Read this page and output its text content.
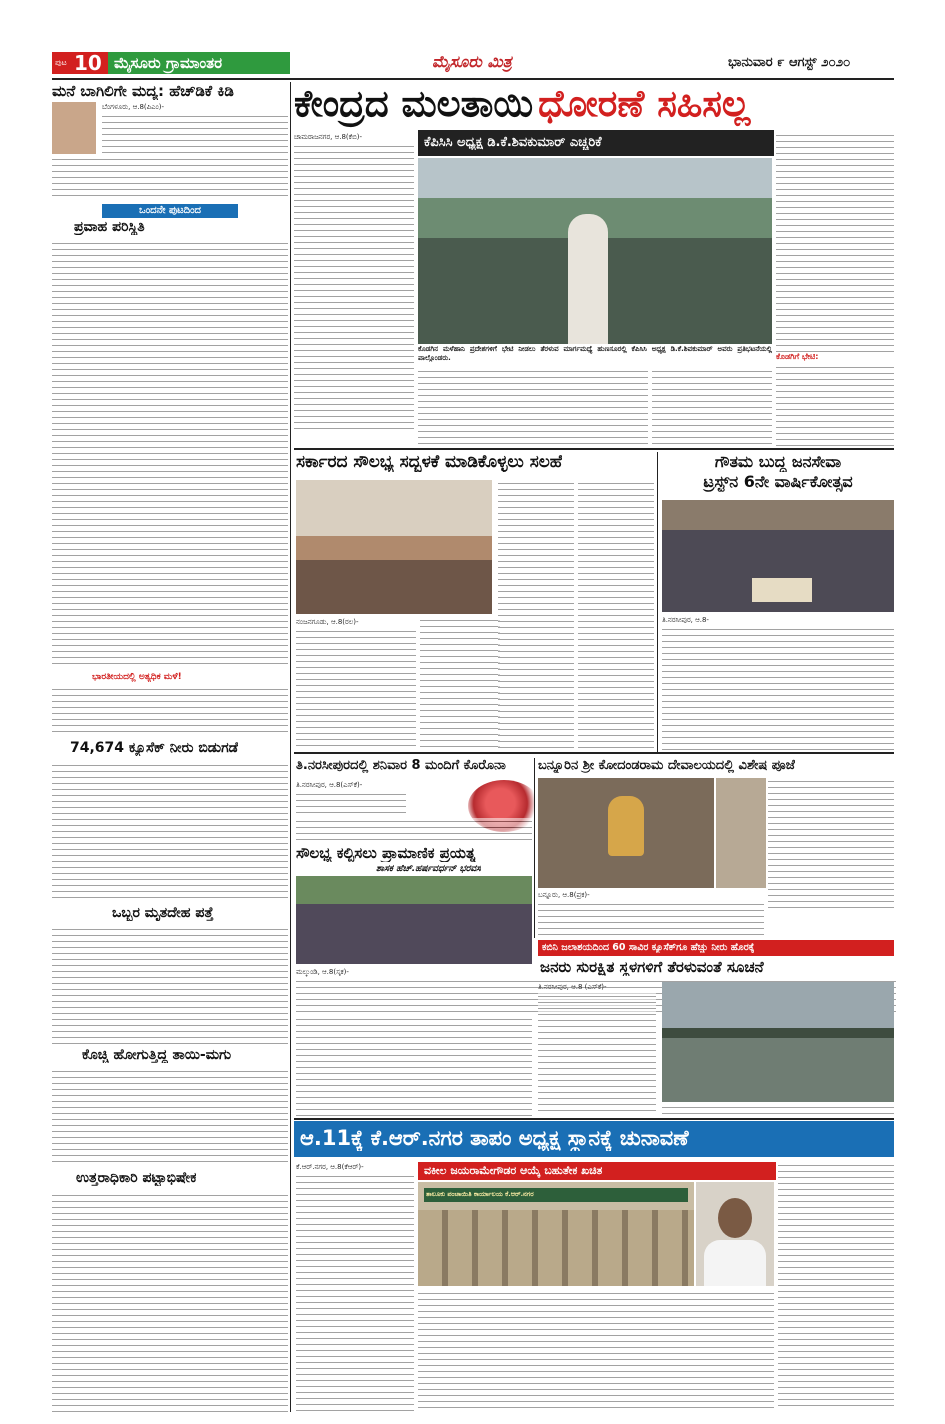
ಪುಟ 10 ಮೈಸೂರು ಗ್ರಾಮಾಂತರ	ಮೈಸೂರು ಮಿತ್ರ	ಭಾನುವಾರ ೯ ಆಗಸ್ಟ್ ೨೦೨೦
ಮನೆ ಬಾಗಿಲಿಗೇ ಮದ್ಯ: ಹೆಚ್‌ಡಿಕೆ ಕಿಡಿ
ಬೆಂಗಳೂರು, ಆ.8(ಪಿಎಂ)-
ಒಂದನೇ ಪುಟದಿಂದ
ಪ್ರವಾಹ ಪರಿಸ್ಥಿತಿ
ಭಾರತೀಯದಲ್ಲಿ ಅತ್ಯಧಿಕ ಮಳೆ!
74,674 ಕ್ಯೂಸೆಕ್ ನೀರು ಬಿಡುಗಡೆ
ಒಬ್ಬರ ಮೃತದೇಹ ಪತ್ತೆ
ಕೊಚ್ಚಿ ಹೋಗುತ್ತಿದ್ದ ತಾಯಿ-ಮಗು
ಉತ್ತರಾಧಿಕಾರಿ ಪಟ್ಟಾಭಿಷೇಕ
ಕೇಂದ್ರದ ಮಲತಾಯಿ ಧೋರಣೆ ಸಹಿಸಲ್ಲ
ಕೆಪಿಸಿಸಿ ಅಧ್ಯಕ್ಷ ಡಿ.ಕೆ.ಶಿವಕುಮಾರ್ ಎಚ್ಚರಿಕೆ
ಚಾಮರಾಜನಗರ, ಆ.8(ಕೆಬಿ)-
ಕೊಡಗಿನ ಮಳೆಹಾನಿ ಪ್ರದೇಶಗಳಿಗೆ ಭೇಟಿ ನೀಡಲು ತೆರಳುವ ಮಾರ್ಗಮಧ್ಯೆ ಹುಣಸೂರಲ್ಲಿ ಕೆಪಿಸಿಸಿ ಅಧ್ಯಕ್ಷ ಡಿ.ಕೆ.ಶಿವಕುಮಾರ್ ಅವರು ಪ್ರತಿಭಟನೆಯಲ್ಲಿ ಪಾಲ್ಗೊಂಡರು.	ಕೊಡಗಿಗೆ ಭೇಟಿ:
ಸರ್ಕಾರದ ಸೌಲಭ್ಯ ಸದ್ಬಳಕೆ ಮಾಡಿಕೊಳ್ಳಲು ಸಲಹೆ
ನಂಜನಗೂಡು, ಆ.8(ರಲ)-
ಗೌತಮ ಬುದ್ಧ ಜನಸೇವಾ
ಟ್ರಸ್ಟ್‌ನ 6ನೇ ವಾರ್ಷಿಕೋತ್ಸವ
ತಿ.ನರಸೀಪುರ, ಆ.8-
ತಿ.ನರಸೀಪುರದಲ್ಲಿ ಶನಿವಾರ 8 ಮಂದಿಗೆ ಕೊರೊನಾ
ತಿ.ನರಸೀಪುರ, ಆ.8(ಎಸ್‌ಕೆ)-
ಸೌಲಭ್ಯ ಕಲ್ಪಿಸಲು ಪ್ರಾಮಾಣಿಕ ಪ್ರಯತ್ನ
ಶಾಸಕ ಹೆಚ್.ಹರ್ಷವರ್ಧನ್ ಭರವಸೆ
ಮಲ್ಕುಂಡಿ, ಆ.8(ಸ್ಕಕ)-
ಬನ್ನೂರಿನ ಶ್ರೀ ಕೋದಂಡರಾಮ ದೇವಾಲಯದಲ್ಲಿ ವಿಶೇಷ ಪೂಜೆ
ಬನ್ನೂರು, ಆ.8(ಪ್ರಕ)-
ಕಬಿನಿ ಜಲಾಶಯದಿಂದ 60 ಸಾವಿರ ಕ್ಯೂಸೆಕ್‌ಗೂ ಹೆಚ್ಚು ನೀರು ಹೊರಕ್ಕೆ
ಜನರು ಸುರಕ್ಷಿತ ಸ್ಥಳಗಳಿಗೆ ತೆರಳುವಂತೆ ಸೂಚನೆ
ತಿ.ನರಸೀಪುರ, ಆ.8 (ಎಸ್‌ಕೆ)-
ಆ.11ಕ್ಕೆ ಕೆ.ಆರ್.ನಗರ ತಾಪಂ ಅಧ್ಯಕ್ಷ ಸ್ಥಾನಕ್ಕೆ ಚುನಾವಣೆ
ಕೆ.ಆರ್.ನಗರ, ಆ.8(ಕೆಆರ್)-	ವಕೀಲ ಜಯರಾಮೇಗೌಡರ ಆಯ್ಕೆ ಬಹುತೇಕ ಖಚಿತ
ತಾಲೂಕು ಪಂಚಾಯಿತಿ ಕಾರ್ಯಾಲಯ ಕೆ.ಆರ್.ನಗರ
